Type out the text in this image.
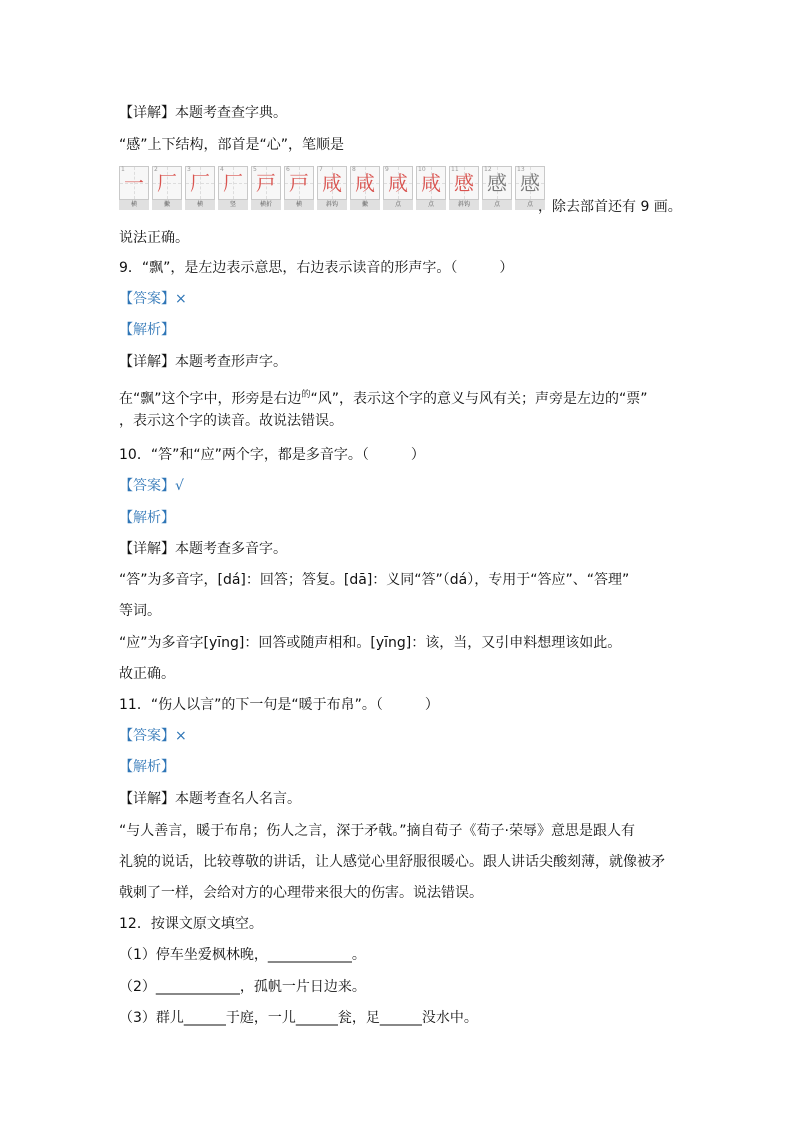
【详解】本题考查查字典。
“感”上下结构，部首是“心”，笔顺是
1
一
横
2
厂
撇
3
厂
横
4
厂
竖
5
戸
横折
6
戸
横
7
咸
斜钩
8
咸
撇
9
咸
点
10
咸
点
11
感
斜钩
12
感
点
13
感
点 ，除去部首还有 9 画。
说法正确。
9．“飘”，是左边表示意思，右边表示读音的形声字。（　　　）
【答案】×
【解析】
【详解】本题考查形声字。
在“飘”这个字中，形旁是右边$^的$“风”，表示这个字的意义与风有关；声旁是左边的“票”
，表示这个字的读音。故说法错误。
10．“答”和“应”两个字，都是多音字。（　　　）
【答案】√
【解析】
【详解】本题考查多音字。
“答”为多音字，[dá]：回答；答复。[dā]：义同“答”（dá），专用于“答应”、“答理”
等词。
“应”为多音字[yīng]：回答或随声相和。[yīng]：该，当，又引申料想理该如此。
故正确。
11．“伤人以言”的下一句是“暖于布帛”。（　　　）
【答案】×
【解析】
【详解】本题考查名人名言。
“与人善言，暖于布帛；伤人之言，深于矛戟。”摘自荀子《荀子·荣辱》意思是跟人有
礼貌的说话，比较尊敬的讲话，让人感觉心里舒服很暖心。跟人讲话尖酸刻薄，就像被矛
戟刺了一样，会给对方的心理带来很大的伤害。说法错误。
12．按课文原文填空。
（1）停车坐爱枫林晚，____________。
（2）____________，孤帆一片日边来。
（3）群儿______于庭，一儿______瓮，足______没水中。
